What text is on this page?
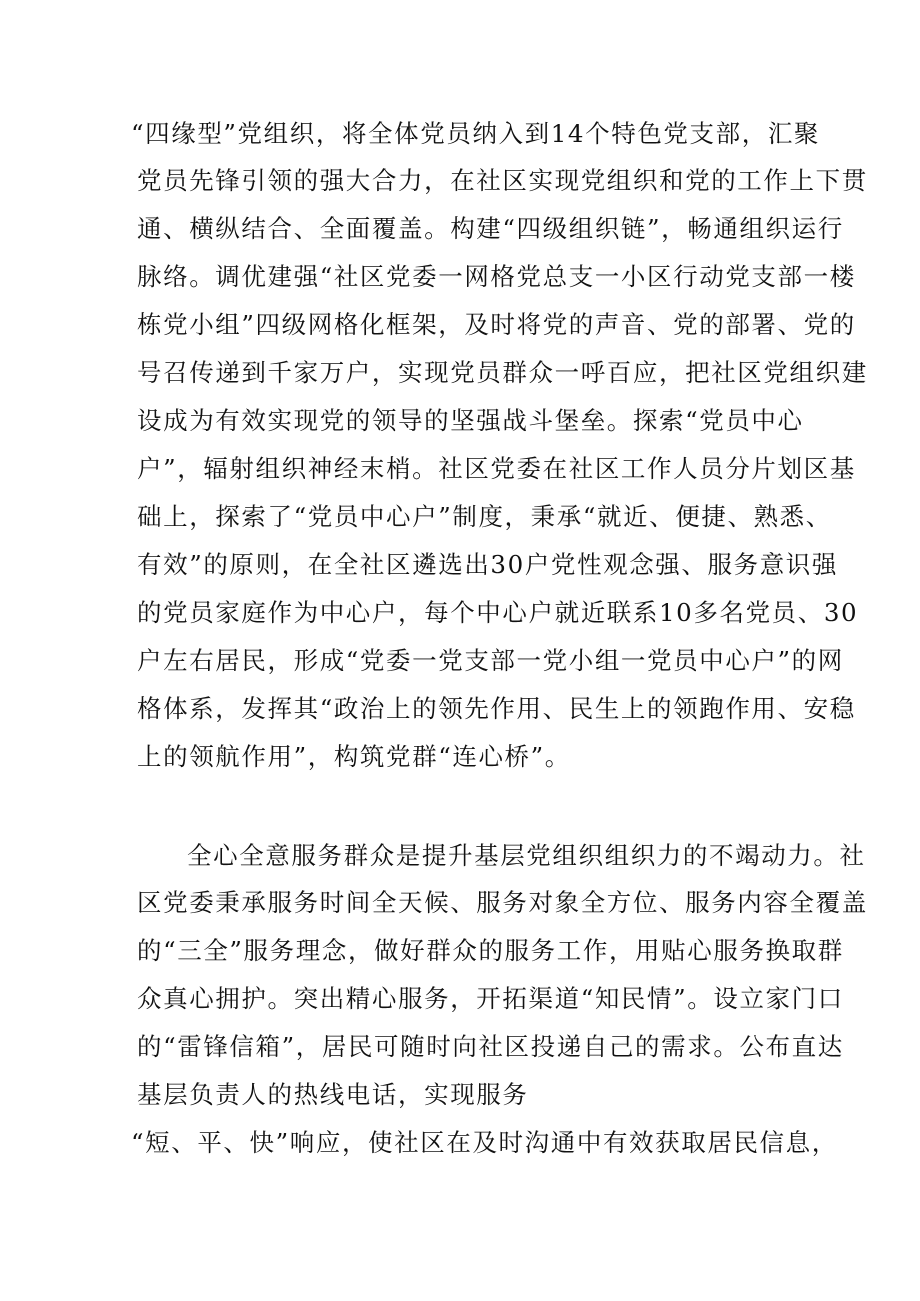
“四缘型”党组织，将全体党员纳入到14个特色党支部，汇聚
党员先锋引领的强大合力，在社区实现党组织和党的工作上下贯
通、横纵结合、全面覆盖。构建“四级组织链”，畅通组织运行
脉络。调优建强“社区党委一网格党总支一小区行动党支部一楼
栋党小组”四级网格化框架，及时将党的声音、党的部署、党的
号召传递到千家万户，实现党员群众一呼百应，把社区党组织建
设成为有效实现党的领导的坚强战斗堡垒。探索“党员中心
户”，辐射组织神经末梢。社区党委在社区工作人员分片划区基
础上，探索了“党员中心户”制度，秉承“就近、便捷、熟悉、
有效”的原则，在全社区遴选出30户党性观念强、服务意识强
的党员家庭作为中心户，每个中心户就近联系10多名党员、30
户左右居民，形成“党委一党支部一党小组一党员中心户”的网
格体系，发挥其“政治上的领先作用、民生上的领跑作用、安稳
上的领航作用”，构筑党群“连心桥”。
全心全意服务群众是提升基层党组织组织力的不竭动力。社
区党委秉承服务时间全天候、服务对象全方位、服务内容全覆盖
的“三全”服务理念，做好群众的服务工作，用贴心服务换取群
众真心拥护。突出精心服务，开拓渠道“知民情”。设立家门口
的“雷锋信箱”，居民可随时向社区投递自己的需求。公布直达
基层负责人的热线电话，实现服务
“短、平、快”响应，使社区在及时沟通中有效获取居民信息，
